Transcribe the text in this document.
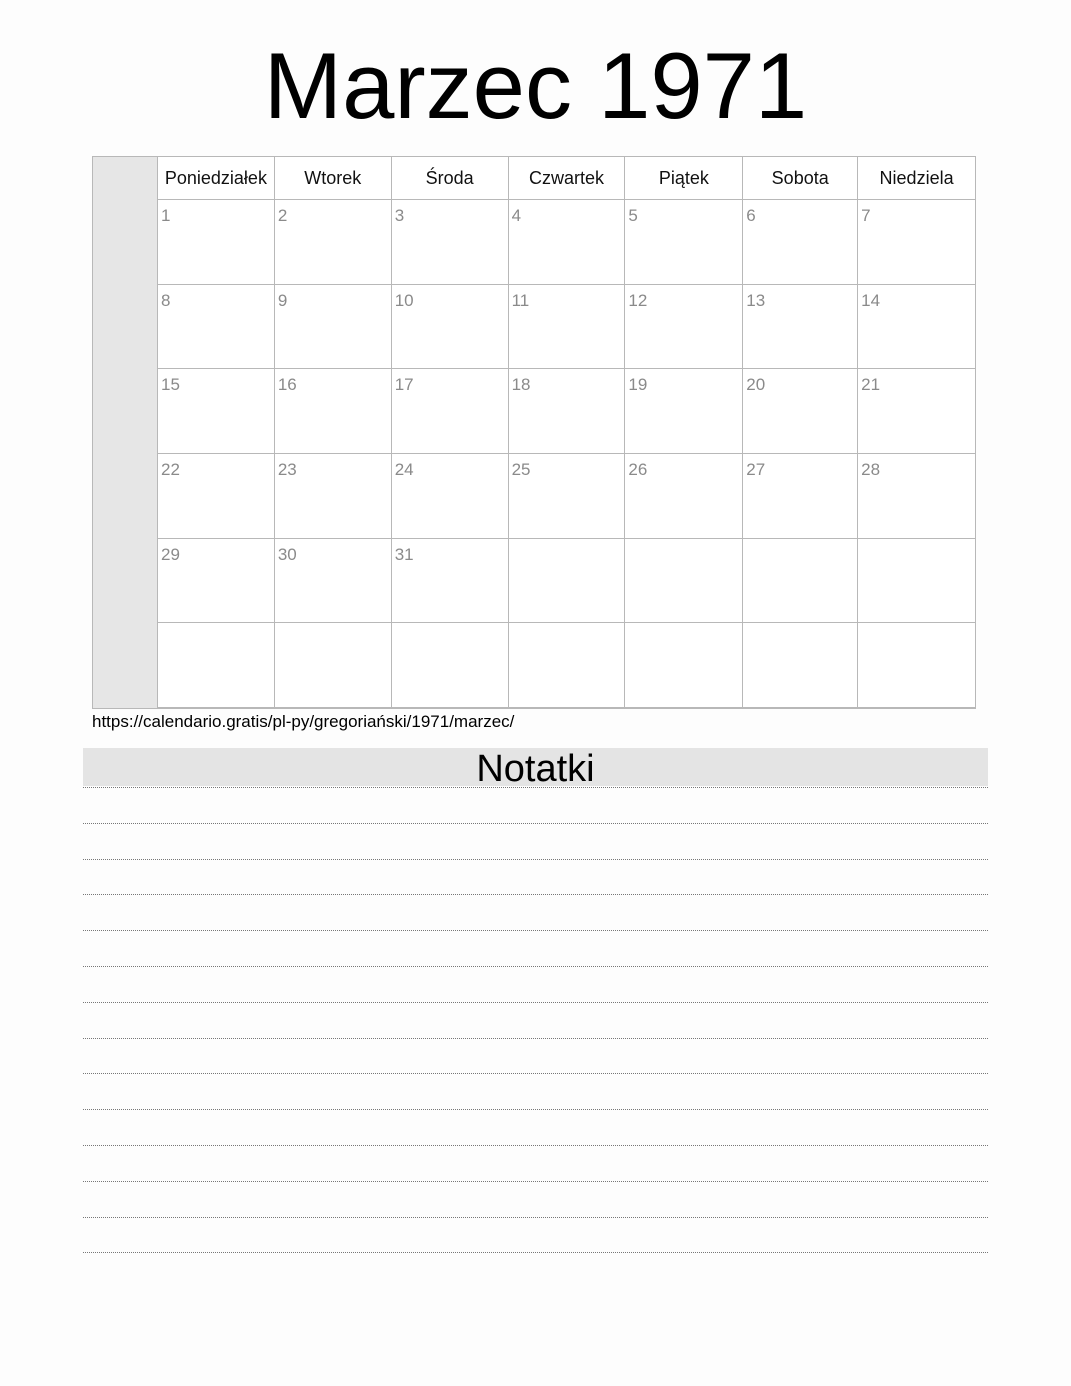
Marzec 1971
Poniedziałek	Wtorek	Środa	Czwartek	Piątek	Sobota	Niedziela
1	2	3	4	5	6	7
8	9	10	11	12	13	14
15	16	17	18	19	20	21
22	23	24	25	26	27	28
29	30	31
https://calendario.gratis/pl-py/gregoriański/1971/marzec/
Notatki
